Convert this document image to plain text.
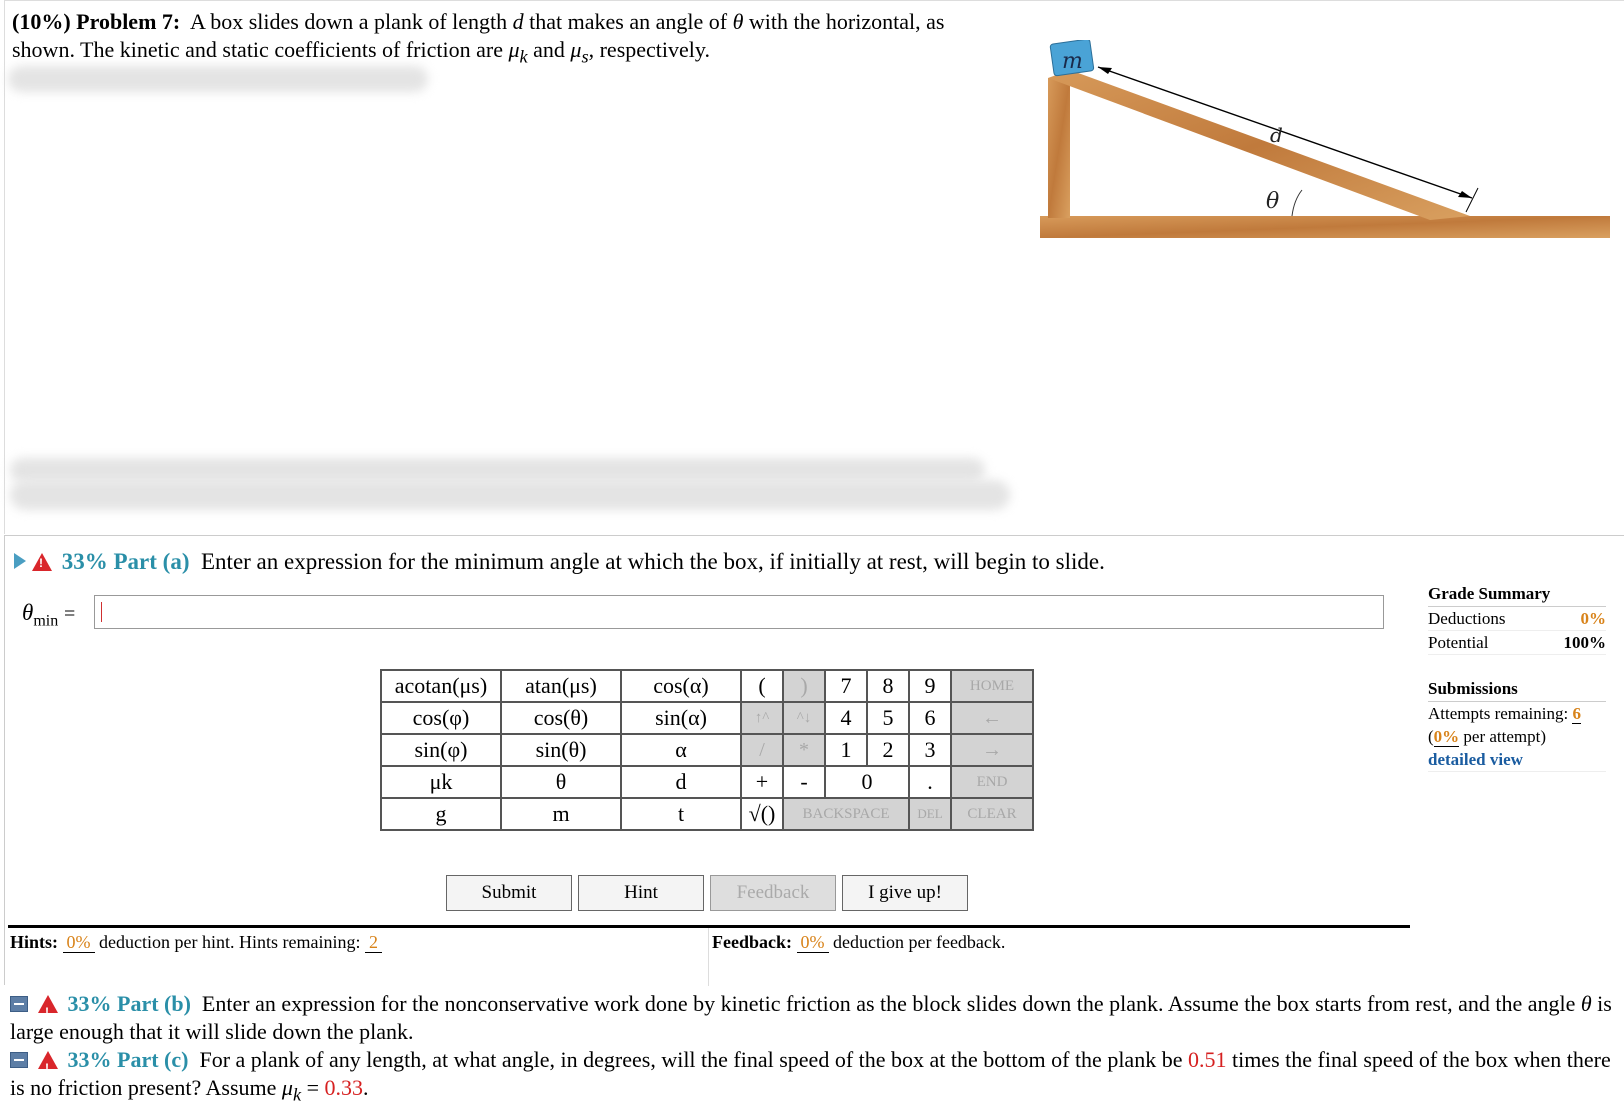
(10%) Problem 7: A box slides down a plank of length d that makes an angle of θ with the horizontal, as shown. The kinetic and static coefficients of friction are $\mu_k$ and $\mu_s$, respectively.	m
d
θ
! 33% Part (a) Enter an expression for the minimum angle at which the box, if initially at rest, will begin to slide.
$\theta_{min}$ =
acotan(μs)	atan(μs)	cos(α)	(	)	7	8	9	HOME
cos(φ)	cos(θ)	sin(α)	↑^	^↓	4	5	6	←
sin(φ)	sin(θ)	α	/	*	1	2	3	→
μk	θ	d	+	-	0		.	END
g	m	t	√()	BACKSPACE			DEL	CLEAR
Submit	Hint	Feedback	I give up!
Hints: 0% deduction per hint. Hints remaining: 2	Feedback: 0% deduction per feedback.
Grade Summary
Deductions	0%
Potential	100%
Submissions
Attempts remaining: 6
(0% per attempt)
detailed view
! 33% Part (b) Enter an expression for the nonconservative work done by kinetic friction as the block slides down the plank. Assume the box starts from rest, and the angle θ is large enough that it will slide down the plank.
! 33% Part (c) For a plank of any length, at what angle, in degrees, will the final speed of the box at the bottom of the plank be 0.51 times the final speed of the box when there is no friction present? Assume $\mu_k = 0.33$.
